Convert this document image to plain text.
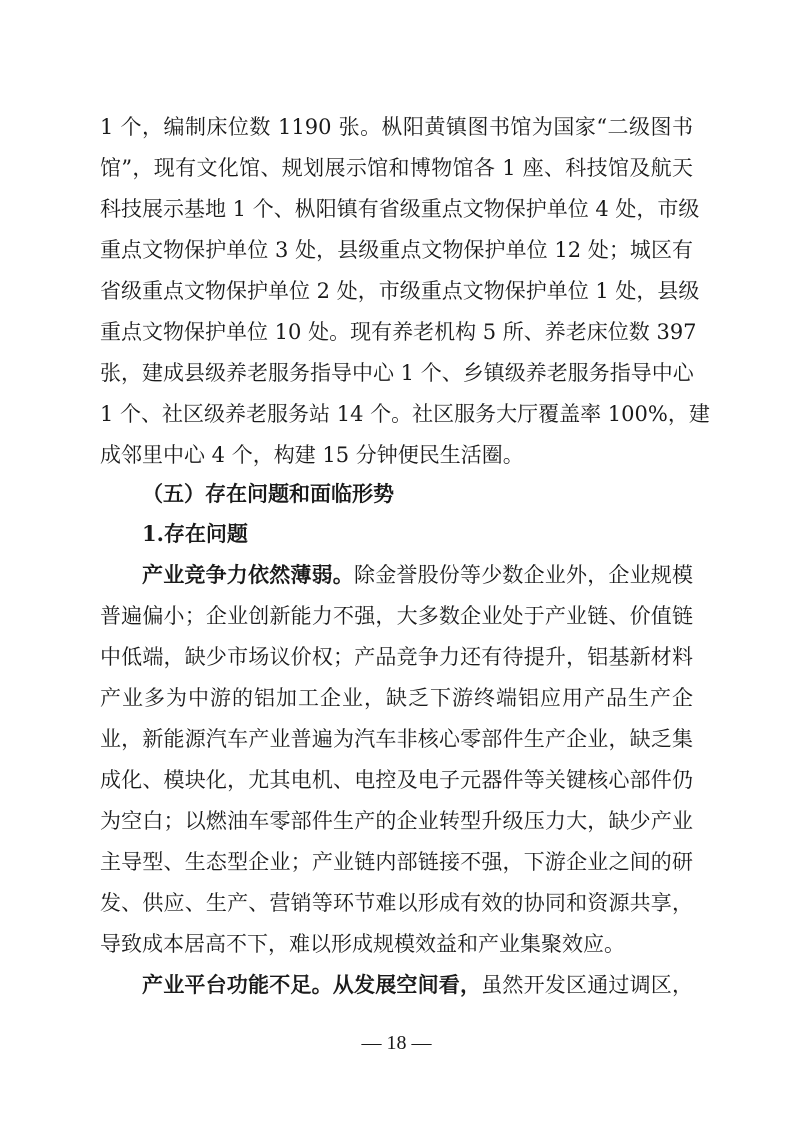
1 个，编制床位数 1190 张。枞阳黄镇图书馆为国家“二级图书
馆”，现有文化馆、规划展示馆和博物馆各 1 座、科技馆及航天
科技展示基地 1 个、枞阳镇有省级重点文物保护单位 4 处，市级
重点文物保护单位 3 处，县级重点文物保护单位 12 处；城区有
省级重点文物保护单位 2 处，市级重点文物保护单位 1 处，县级
重点文物保护单位 10 处。现有养老机构 5 所、养老床位数 397
张，建成县级养老服务指导中心 1 个、乡镇级养老服务指导中心
1 个、社区级养老服务站 14 个。社区服务大厅覆盖率 100%，建
成邻里中心 4 个，构建 15 分钟便民生活圈。
（五）存在问题和面临形势
1.存在问题
产业竞争力依然薄弱。除金誉股份等少数企业外，企业规模
普遍偏小；企业创新能力不强，大多数企业处于产业链、价值链
中低端，缺少市场议价权；产品竞争力还有待提升，铝基新材料
产业多为中游的铝加工企业，缺乏下游终端铝应用产品生产企
业，新能源汽车产业普遍为汽车非核心零部件生产企业，缺乏集
成化、模块化，尤其电机、电控及电子元器件等关键核心部件仍
为空白；以燃油车零部件生产的企业转型升级压力大，缺少产业
主导型、生态型企业；产业链内部链接不强，下游企业之间的研
发、供应、生产、营销等环节难以形成有效的协同和资源共享，
导致成本居高不下，难以形成规模效益和产业集聚效应。
产业平台功能不足。从发展空间看，虽然开发区通过调区，
— 18 —
